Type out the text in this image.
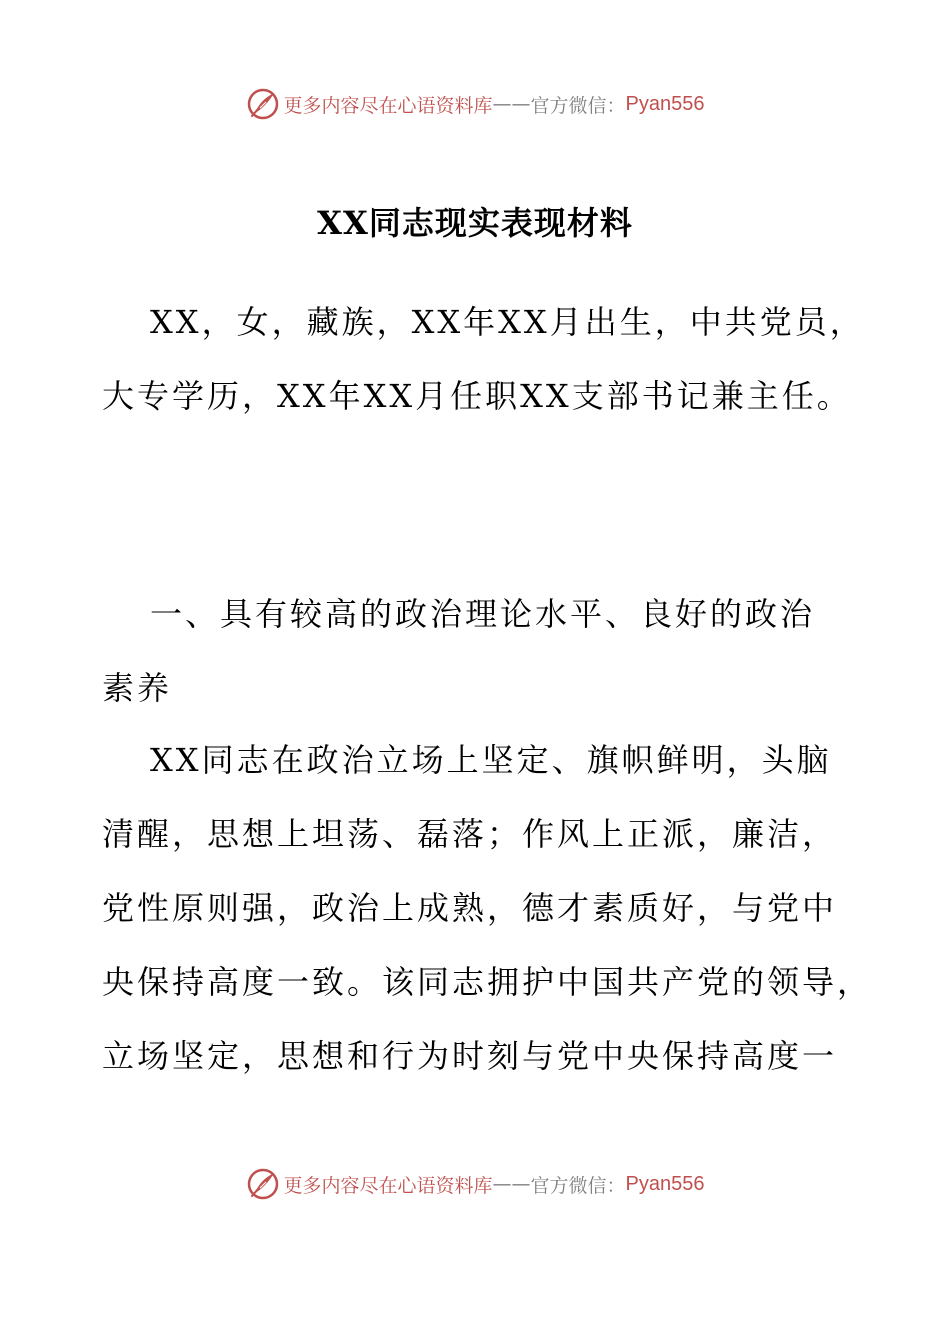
更多内容尽在心语资料库 —— 官方微信： Pyan556
XX同志现实表现材料
XX，女，藏族，XX年XX月出生，中共党员，
大专学历，XX年XX月任职XX支部书记兼主任。
一、具有较高的政治理论水平、良好的政治
素养
XX同志在政治立场上坚定、旗帜鲜明，头脑
清醒，思想上坦荡、磊落；作风上正派，廉洁，
党性原则强，政治上成熟，德才素质好，与党中
央保持高度一致。该同志拥护中国共产党的领导，
立场坚定，思想和行为时刻与党中央保持高度一
更多内容尽在心语资料库 —— 官方微信： Pyan556
